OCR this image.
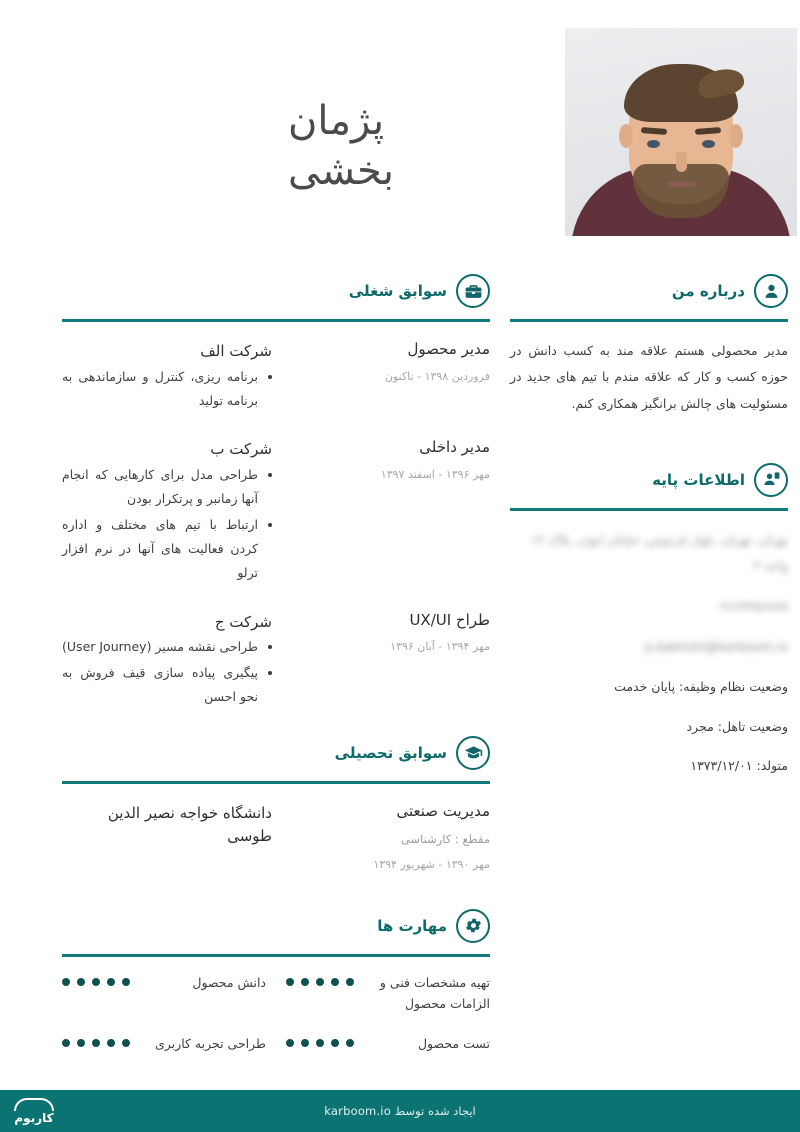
پژمان
بخشی
سوابق شغلی
مدیر محصول
فروردین ۱۳۹۸ - تاکنون
شرکت الف
برنامه ریزی، کنترل و سازماندهی به برنامه تولید
مدیر داخلی
مهر ۱۳۹۶ - اسفند ۱۳۹۷
شرکت ب
طراحی مدل برای کارهایی که انجام آنها زمانبر و پرتکرار بودن
ارتباط با تیم های مختلف و اداره کردن فعالیت های آنها در نرم افزار ترلو
طراح UX/UI
مهر ۱۳۹۴ - آبان ۱۳۹۶
شرکت ج
طراحی نقشه مسیر (User Journey)
پیگیری پیاده سازی قیف فروش به نحو احسن
سوابق تحصیلی
مدیریت صنعتی
مقطع : کارشناسی
مهر ۱۳۹۰ - شهریور ۱۳۹۴
دانشگاه خواجه نصیر الدین طوسی
مهارت ها
تهیه مشخصات فنی و الزامات محصول
دانش محصول
تست محصول
طراحی تجربه کاربری
درباره من
مدیر محصولی هستم علاقه مند به کسب دانش در حوزه کسب و کار که علاقه مندم با تیم های جدید در مسئولیت های چالش برانگیز همکاری کنم.
اطلاعات پایه
تهران، تهران، بلوار فردوس، خیابان ابوذر، پلاک ۱۲ واحد ۳
۰۹۱۲۳۴۵۶۷۸۹
p.bakhshi@karboom.io
وضعیت نظام وظیفه: پایان خدمت
وضعیت تاهل: مجرد
متولد: ۱۳۷۳/۱۲/۰۱
کاربوم	ایجاد شده توسط karboom.io
